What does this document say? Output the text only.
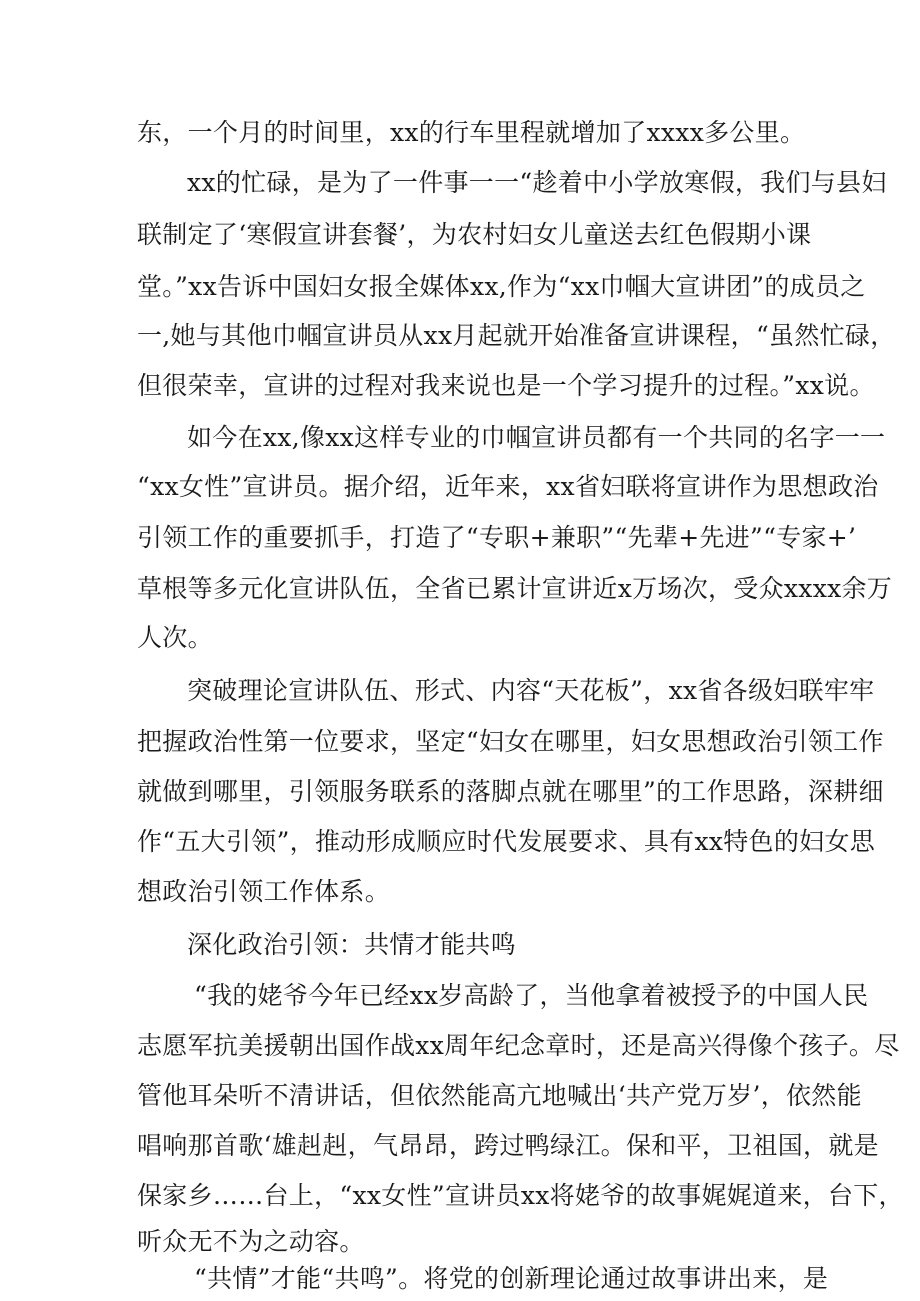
东，一个月的时间里，xx的行车里程就增加了xxxx多公里。
xx的忙碌，是为了一件事一一“趁着中小学放寒假，我们与县妇
联制定了‘寒假宣讲套餐’，为农村妇女儿童送去红色假期小课
堂。”xx告诉中国妇女报全媒体xx,作为“xx巾帼大宣讲团”的成员之
一,她与其他巾帼宣讲员从xx月起就开始准备宣讲课程，“虽然忙碌，
但很荣幸，宣讲的过程对我来说也是一个学习提升的过程。”xx说。
如今在xx,像xx这样专业的巾帼宣讲员都有一个共同的名字一一
“xx女性”宣讲员。据介绍，近年来，xx省妇联将宣讲作为思想政治
引领工作的重要抓手，打造了“专职+兼职”“先辈+先进”“专家+’
草根等多元化宣讲队伍，全省已累计宣讲近x万场次，受众xxxx余万
人次。
突破理论宣讲队伍、形式、内容“天花板”，xx省各级妇联牢牢
把握政治性第一位要求，坚定“妇女在哪里，妇女思想政治引领工作
就做到哪里，引领服务联系的落脚点就在哪里”的工作思路，深耕细
作“五大引领”，推动形成顺应时代发展要求、具有xx特色的妇女思
想政治引领工作体系。
深化政治引领：共情才能共鸣
“我的姥爷今年已经xx岁高龄了，当他拿着被授予的中国人民
志愿军抗美援朝出国作战xx周年纪念章时，还是高兴得像个孩子。尽
管他耳朵听不清讲话，但依然能高亢地喊出‘共产党万岁’，依然能
唱响那首歌‘雄赳赳，气昂昂，跨过鸭绿江。保和平，卫祖国，就是
保家乡……台上，“xx女性”宣讲员xx将姥爷的故事娓娓道来，台下，
听众无不为之动容。
“共情”才能“共鸣”。将党的创新理论通过故事讲出来，是
